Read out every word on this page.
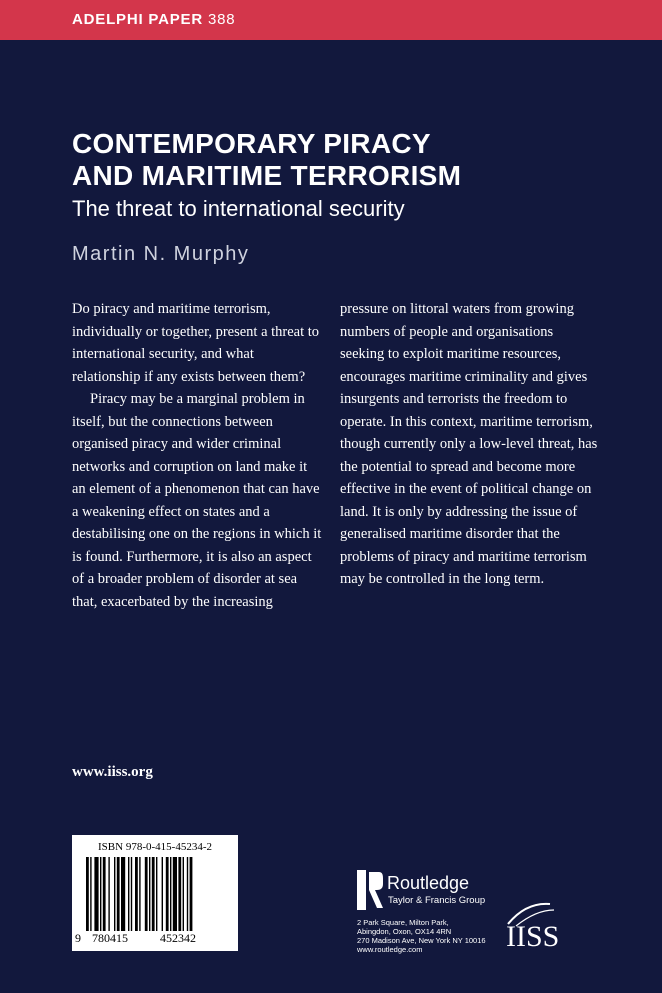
ADELPHI PAPER 388
CONTEMPORARY PIRACY
AND MARITIME TERRORISM
The threat to international security
Martin N. Murphy

Do piracy and maritime terrorism, individually or together, present a threat to international security, and what relationship if any exists between them?

Piracy may be a marginal problem in itself, but the connections between organised piracy and wider criminal networks and corruption on land make it an element of a phenomenon that can have a weakening effect on states and a destabilising one on the regions in which it is found. Furthermore, it is also an aspect of a broader problem of disorder at sea that, exacerbated by the increasing

pressure on littoral waters from growing numbers of people and organisations seeking to exploit maritime resources, encourages maritime criminality and gives insurgents and terrorists the freedom to operate. In this context, maritime terrorism, though currently only a low-level threat, has the potential to spread and become more effective in the event of political change on land. It is only by addressing the issue of generalised maritime disorder that the problems of piracy and maritime terrorism may be controlled in the long term.

www.iiss.org
ISBN 978-0-415-45234-2
9 780415	452342
Routledge
Taylor & Francis Group
2 Park Square, Milton Park,
Abingdon, Oxon, OX14 4RN
270 Madison Ave, New York NY 10016
www.routledge.com	IISS
